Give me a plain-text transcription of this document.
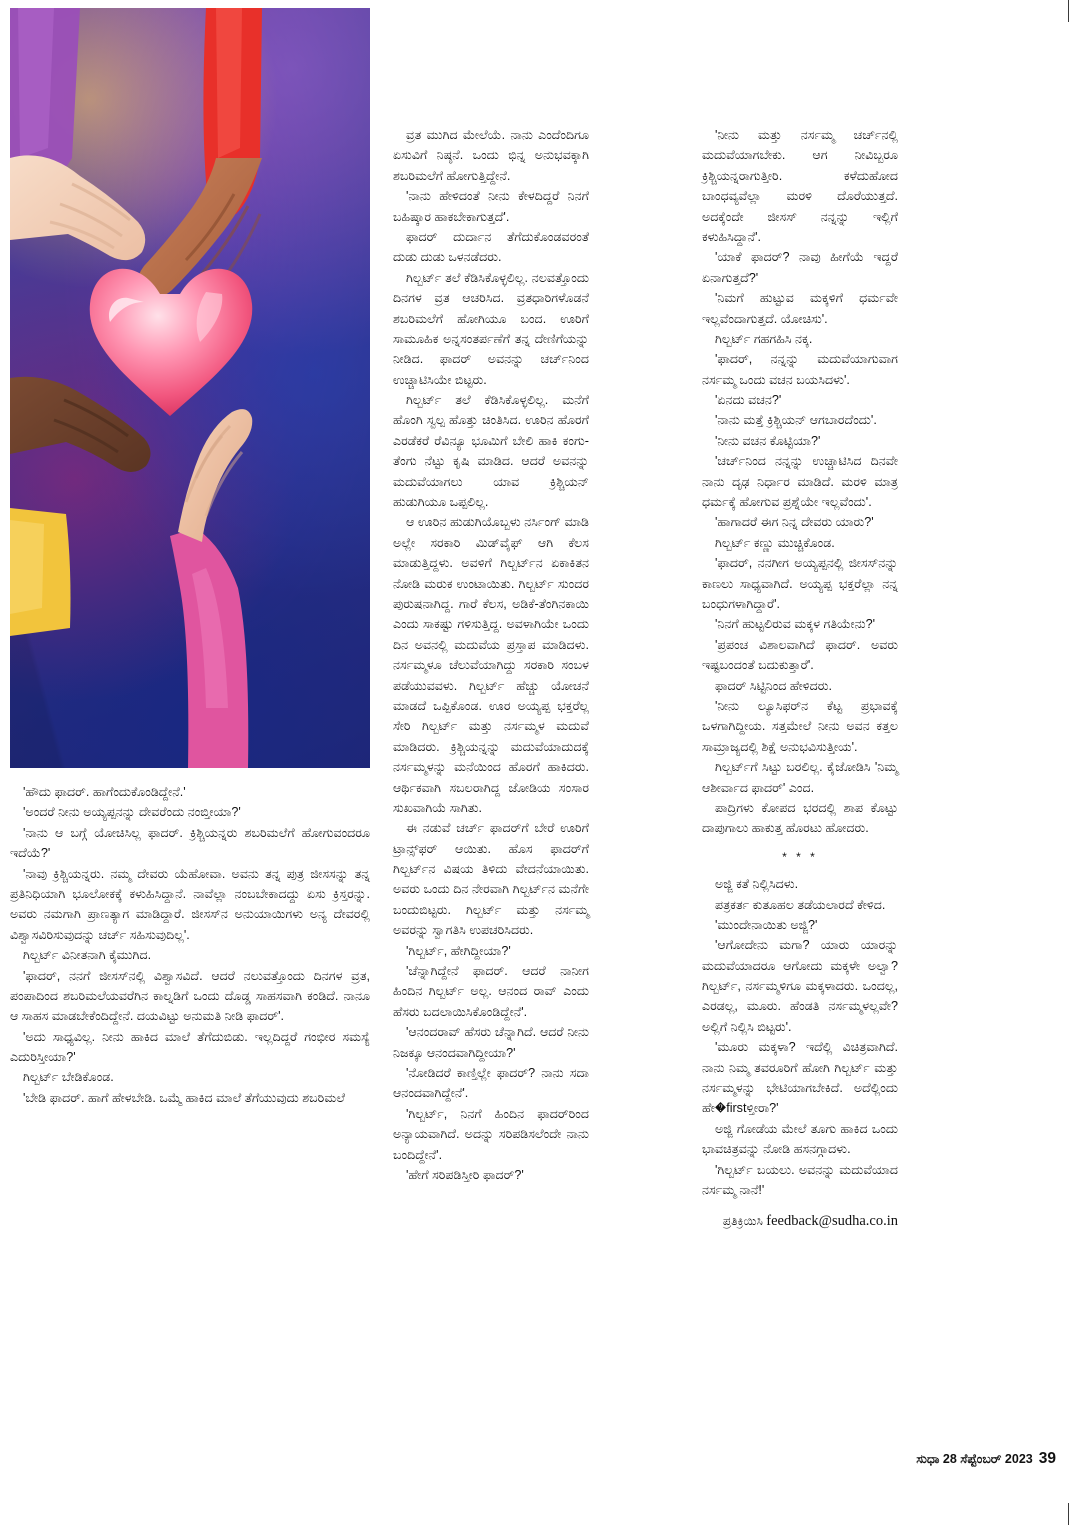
'ಹೌದು ಫಾದರ್. ಹಾಗೆಂದುಕೊಂಡಿದ್ದೇನೆ.'

'ಅಂದರೆ ನೀನು ಅಯ್ಯಪ್ಪನನ್ನು ದೇವರೆಂದು ನಂಬ್ತೀಯಾ?'

'ನಾನು ಆ ಬಗ್ಗೆ ಯೋಚಿಸಿಲ್ಲ ಫಾದರ್. ಕ್ರಿಶ್ಚಿಯನ್ನರು ಶಬರಿಮಲೆಗೆ ಹೋಗುವಂದರೂ ಇದೆಯೆ?'

'ನಾವು ಕ್ರಿಶ್ಚಿಯನ್ನರು. ನಮ್ಮ ದೇವರು ಯೆಹೋವಾ. ಅವನು ತನ್ನ ಪುತ್ರ ಜೀಸಸನ್ನು ತನ್ನ ಪ್ರತಿನಿಧಿಯಾಗಿ ಭೂಲೋಕಕ್ಕೆ ಕಳುಹಿಸಿದ್ದಾನೆ. ನಾವೆಲ್ಲಾ ನಂಬಬೇಕಾದದ್ದು ಏಸು ಕ್ರಿಸ್ತರನ್ನು. ಅವರು ನಮಗಾಗಿ ಪ್ರಾಣತ್ಯಾಗ ಮಾಡಿದ್ದಾರೆ. ಜೀಸಸ್‌ನ ಅನುಯಾಯಿಗಳು ಅನ್ಯ ದೇವರಲ್ಲಿ ವಿಶ್ವಾಸವಿರಿಸುವುದನ್ನು ಚರ್ಚ್ ಸಹಿಸುವುದಿಲ್ಲ'.

ಗಿಲ್ಬರ್ಟ್ ವಿನೀತನಾಗಿ ಕೈಮುಗಿದ.

'ಫಾದರ್, ನನಗೆ ಜೀಸಸ್‌ನಲ್ಲಿ ವಿಶ್ವಾಸವಿದೆ. ಆದರೆ ನಲುವತ್ತೊಂದು ದಿನಗಳ ವ್ರತ, ಪಂಪಾದಿಂದ ಶಬರಿಮಲೆಯವರೆಗಿನ ಕಾಲ್ನಡಿಗೆ ಒಂದು ದೊಡ್ಡ ಸಾಹಸವಾಗಿ ಕಂಡಿದೆ. ನಾನೂ ಆ ಸಾಹಸ ಮಾಡಬೇಕೆಂದಿದ್ದೇನೆ. ದಯವಿಟ್ಟು ಅನುಮತಿ ನೀಡಿ ಫಾದರ್'.

'ಅದು ಸಾಧ್ಯವಿಲ್ಲ. ನೀನು ಹಾಕಿದ ಮಾಲೆ ತೆಗೆದುಬಿಡು. ಇಲ್ಲದಿದ್ದರೆ ಗಂಭೀರ ಸಮಸ್ಯೆ ಎದುರಿಸ್ತೀಯಾ?'

ಗಿಲ್ಬರ್ಟ್ ಬೇಡಿಕೊಂಡ.

'ಬೇಡಿ ಫಾದರ್. ಹಾಗೆ ಹೇಳಬೇಡಿ. ಒಮ್ಮೆ ಹಾಕಿದ ಮಾಲೆ ತೆಗೆಯುವುದು ಶಬರಿಮಲೆ

ವ್ರತ ಮುಗಿದ ಮೇಲೆಯೆ. ನಾನು ಎಂದೆಂದಿಗೂ ಏಸುವಿಗೆ ನಿಷ್ಠನೆ. ಒಂದು ಭಿನ್ನ ಅನುಭವಕ್ಕಾಗಿ ಶಬರಿಮಲೆಗೆ ಹೋಗುತ್ತಿದ್ದೇನೆ.

'ನಾನು ಹೇಳಿದಂತೆ ನೀನು ಕೇಳದಿದ್ದರೆ ನಿನಗೆ ಬಹಿಷ್ಕಾರ ಹಾಕಬೇಕಾಗುತ್ತದೆ'.

ಫಾದರ್ ದುರ್ದಾನ ತೆಗೆದುಕೊಂಡವರಂತೆ ದುಡು ದುಡು ಒಳನಡೆದರು.

ಗಿಲ್ಬರ್ಟ್ ತಲೆ ಕೆಡಿಸಿಕೊಳ್ಳಲಿಲ್ಲ. ನಲವತ್ತೊಂದು ದಿನಗಳ ವ್ರತ ಆಚರಿಸಿದ. ವ್ರತಧಾರಿಗಳೊಡನೆ ಶಬರಿಮಲೆಗೆ ಹೋಗಿಯೂ ಬಂದ. ಊರಿಗೆ ಸಾಮೂಹಿಕ ಅನ್ನಸಂತರ್ಪಣೆಗೆ ತನ್ನ ದೇಣಿಗೆಯನ್ನು ನೀಡಿದ. ಫಾದರ್ ಅವನನ್ನು ಚರ್ಚ್‌ನಿಂದ ಉಚ್ಚಾಟಿಸಿಯೇ ಬಿಟ್ಟರು.

ಗಿಲ್ಬರ್ಟ್ ತಲೆ ಕೆಡಿಸಿಕೊಳ್ಳಲಿಲ್ಲ. ಮನೆಗೆ ಹೊಂಗಿ ಸ್ವಲ್ಪ ಹೊತ್ತು ಚಿಂತಿಸಿದ. ಊರಿನ ಹೊರಗೆ ಎರಡೆಕರೆ ರೆವಿನ್ಯೂ ಭೂಮಿಗೆ ಬೇಲಿ ಹಾಕಿ ಕಂಗು-ತೆಂಗು ನೆಟ್ಟು ಕೃಷಿ ಮಾಡಿದ. ಆದರೆ ಅವನನ್ನು ಮದುವೆಯಾಗಲು ಯಾವ ಕ್ರಿಶ್ಚಿಯನ್ ಹುಡುಗಿಯೂ ಒಪ್ಪಲಿಲ್ಲ.

ಆ ಊರಿನ ಹುಡುಗಿಯೊಬ್ಬಳು ನರ್ಸಿಂಗ್ ಮಾಡಿ ಅಲ್ಲೇ ಸರಕಾರಿ ಮಿಡ್‌ವೈಫ್ ಆಗಿ ಕೆಲಸ ಮಾಡುತ್ತಿದ್ದಳು. ಅವಳಿಗೆ ಗಿಲ್ಬರ್ಟ್‌ನ ಏಕಾಕಿತನ ನೋಡಿ ಮರುಕ ಉಂಟಾಯಿತು. ಗಿಲ್ಬರ್ಟ್ ಸುಂದರ ಪುರುಷನಾಗಿದ್ದ. ಗಾರೆ ಕೆಲಸ, ಅಡಿಕೆ-ತೆಂಗಿನಕಾಯಿ ಎಂದು ಸಾಕಷ್ಟು ಗಳಿಸುತ್ತಿದ್ದ. ಅವಳಾಗಿಯೇ ಒಂದು ದಿನ ಅವನಲ್ಲಿ ಮದುವೆಯ ಪ್ರಸ್ತಾಪ ಮಾಡಿದಳು. ನರ್ಸಮ್ಮಳೂ ಚೆಲುವೆಯಾಗಿದ್ದು ಸರಕಾರಿ ಸಂಬಳ ಪಡೆಯುವವಳು. ಗಿಲ್ಬರ್ಟ್ ಹೆಚ್ಚು ಯೋಚನೆ ಮಾಡದೆ ಒಪ್ಪಿಕೊಂಡ. ಊರ ಅಯ್ಯಪ್ಪ ಭಕ್ತರೆಲ್ಲ ಸೇರಿ ಗಿಲ್ಬರ್ಟ್ ಮತ್ತು ನರ್ಸಮ್ಮಳ ಮದುವೆ ಮಾಡಿದರು. ಕ್ರಿಶ್ಚಿಯನ್ನನ್ನು ಮದುವೆಯಾದುದಕ್ಕೆ ನರ್ಸಮ್ಮಳನ್ನು ಮನೆಯಿಂದ ಹೊರಗೆ ಹಾಕಿದರು. ಆರ್ಥಿಕವಾಗಿ ಸಬಲರಾಗಿದ್ದ ಜೋಡಿಯ ಸಂಸಾರ ಸುಖವಾಗಿಯೆ ಸಾಗಿತು.

ಈ ನಡುವೆ ಚರ್ಚ್ ಫಾದರ್‌ಗೆ ಬೇರೆ ಊರಿಗೆ ಟ್ರಾನ್ಸ್‌ಫರ್ ಆಯಿತು. ಹೊಸ ಫಾದರ್‌ಗೆ ಗಿಲ್ಬರ್ಟ್‌ನ ವಿಷಯ ತಿಳಿದು ವೇದನೆಯಾಯಿತು. ಅವರು ಒಂದು ದಿನ ನೇರವಾಗಿ ಗಿಲ್ಬರ್ಟ್‌ನ ಮನೆಗೇ ಬಂದುಬಿಟ್ಟರು. ಗಿಲ್ಬರ್ಟ್ ಮತ್ತು ನರ್ಸಮ್ಮ ಅವರನ್ನು ಸ್ವಾಗತಿಸಿ ಉಪಚರಿಸಿದರು.

'ಗಿಲ್ಬರ್ಟ್, ಹೇಗಿದ್ದೀಯಾ?'

'ಚೆನ್ನಾಗಿದ್ದೇನೆ ಫಾದರ್. ಆದರೆ ನಾನೀಗ ಹಿಂದಿನ ಗಿಲ್ಬರ್ಟ್ ಅಲ್ಲ. ಆನಂದ ರಾವ್ ಎಂದು ಹೆಸರು ಬದಲಾಯಿಸಿಕೊಂಡಿದ್ದೇನೆ'.

'ಆನಂದರಾವ್ ಹೆಸರು ಚೆನ್ನಾಗಿದೆ. ಆದರೆ ನೀನು ನಿಜಕ್ಕೂ ಆನಂದವಾಗಿದ್ದೀಯಾ?'

'ನೋಡಿದರೆ ಕಾಣ್ತಿಲ್ಲೇ ಫಾದರ್? ನಾನು ಸದಾ ಆನಂದವಾಗಿದ್ದೇನೆ'.

'ಗಿಲ್ಬರ್ಟ್, ನಿನಗೆ ಹಿಂದಿನ ಫಾದರ್‌ರಿಂದ ಅನ್ಯಾಯವಾಗಿದೆ. ಅದನ್ನು ಸರಿಪಡಿಸಲೆಂದೇ ನಾನು ಬಂದಿದ್ದೇನೆ'.

'ಹೇಗೆ ಸರಿಪಡಿಸ್ತೀರಿ ಫಾದರ್?'

'ನೀನು ಮತ್ತು ನರ್ಸಮ್ಮ ಚರ್ಚ್‌ನಲ್ಲಿ ಮದುವೆಯಾಗಬೇಕು. ಆಗ ನೀವಿಬ್ಬರೂ ಕ್ರಿಶ್ಚಿಯನ್ನರಾಗುತ್ತೀರಿ. ಕಳೆದುಹೋದ ಬಾಂಧವ್ಯವೆಲ್ಲಾ ಮರಳಿ ದೊರೆಯುತ್ತದೆ. ಅದಕ್ಕೆಂದೇ ಜೀಸಸ್ ನನ್ನನ್ನು ಇಲ್ಲಿಗೆ ಕಳುಹಿಸಿದ್ದಾನೆ'.

'ಯಾಕೆ ಫಾದರ್? ನಾವು ಹೀಗೆಯೆ ಇದ್ದರೆ ಏನಾಗುತ್ತದೆ?'

'ನಿಮಗೆ ಹುಟ್ಟುವ ಮಕ್ಕಳಿಗೆ ಧರ್ಮವೇ ಇಲ್ಲವೆಂದಾಗುತ್ತದೆ. ಯೋಚಿಸು'.

ಗಿಲ್ಬರ್ಟ್ ಗಹಗಹಿಸಿ ನಕ್ಕ.

'ಫಾದರ್, ನನ್ನನ್ನು ಮದುವೆಯಾಗುವಾಗ ನರ್ಸಮ್ಮ ಒಂದು ವಚನ ಬಯಸಿದಳು'.

'ಏನದು ವಚನ?'

'ನಾನು ಮತ್ತೆ ಕ್ರಿಶ್ಚಿಯನ್ ಆಗಬಾರದೆಂದು'.

'ನೀನು ವಚನ ಕೊಟ್ಟಿಯಾ?'

'ಚರ್ಚ್‌ನಿಂದ ನನ್ನನ್ನು ಉಚ್ಚಾಟಿಸಿದ ದಿನವೇ ನಾನು ದೃಢ ನಿರ್ಧಾರ ಮಾಡಿದೆ. ಮರಳಿ ಮಾತ್ರ ಧರ್ಮಕ್ಕೆ ಹೋಗುವ ಪ್ರಶ್ನೆಯೇ ಇಲ್ಲವೆಂದು'.

'ಹಾಗಾದರೆ ಈಗ ನಿನ್ನ ದೇವರು ಯಾರು?'

ಗಿಲ್ಬರ್ಟ್ ಕಣ್ಣು ಮುಚ್ಚಿಕೊಂಡ.

'ಫಾದರ್, ನನಗೀಗ ಅಯ್ಯಪ್ಪನಲ್ಲಿ ಜೀಸಸ್‌ನನ್ನು ಕಾಣಲು ಸಾಧ್ಯವಾಗಿದೆ. ಅಯ್ಯಪ್ಪ ಭಕ್ತರೆಲ್ಲಾ ನನ್ನ ಬಂಧುಗಳಾಗಿದ್ದಾರೆ'.

'ನಿನಗೆ ಹುಟ್ಟಲಿರುವ ಮಕ್ಕಳ ಗತಿಯೇನು?'

'ಪ್ರಪಂಚ ವಿಶಾಲವಾಗಿದೆ ಫಾದರ್. ಅವರು ಇಷ್ಟಬಂದಂತೆ ಬದುಕುತ್ತಾರೆ'.

ಫಾದರ್ ಸಿಟ್ಟಿನಿಂದ ಹೇಳಿದರು.

'ನೀನು ಲ್ಯೂಸಿಫರ್‌ನ ಕೆಟ್ಟ ಪ್ರಭಾವಕ್ಕೆ ಒಳಗಾಗಿದ್ದೀಯ. ಸತ್ತಮೇಲೆ ನೀನು ಅವನ ಕತ್ತಲ ಸಾಮ್ರಾಜ್ಯದಲ್ಲಿ ಶಿಕ್ಷೆ ಅನುಭವಿಸುತ್ತೀಯ'.

ಗಿಲ್ಬರ್ಟ್‌ಗೆ ಸಿಟ್ಟು ಬರಲಿಲ್ಲ. ಕೈಜೋಡಿಸಿ 'ನಿಮ್ಮ ಆಶೀರ್ವಾದ ಫಾದರ್' ಎಂದ.

ಪಾದ್ರಿಗಳು ಕೋಪದ ಭರದಲ್ಲಿ ಶಾಪ ಕೊಟ್ಟು ದಾಪುಗಾಲು ಹಾಕುತ್ತ ಹೊರಟು ಹೋದರು.

* * *

ಅಜ್ಜಿ ಕತೆ ನಿಲ್ಲಿಸಿದಳು.

ಪತ್ರಕರ್ತ ಕುತೂಹಲ ತಡೆಯಲಾರದೆ ಕೇಳಿದ.

'ಮುಂದೇನಾಯಿತು ಅಜ್ಜಿ?'

'ಆಗೋದೇನು ಮಗಾ? ಯಾರು ಯಾರನ್ನು ಮದುವೆಯಾದರೂ ಆಗೋದು ಮಕ್ಕಳೇ ಅಲ್ವಾ? ಗಿಲ್ಬರ್ಟ್, ನರ್ಸಮ್ಮಳಿಗೂ ಮಕ್ಕಳಾದರು. ಒಂದಲ್ಲ, ಎರಡಲ್ಲ, ಮೂರು. ಹೆಂಡತಿ ನರ್ಸಮ್ಮಳಲ್ಲವೇ? ಅಲ್ಲಿಗೆ ನಿಲ್ಲಿಸಿ ಬಿಟ್ಟರು'.

'ಮೂರು ಮಕ್ಕಳಾ? ಇದೆಲ್ಲಿ ವಿಚಿತ್ರವಾಗಿದೆ. ನಾನು ನಿಮ್ಮ ತವರೂರಿಗೆ ಹೋಗಿ ಗಿಲ್ಬರ್ಟ್ ಮತ್ತು ನರ್ಸಮ್ಮಳನ್ನು ಭೇಟಿಯಾಗಬೇಕಿದೆ. ಅದೆಲ್ಲಿಂದು ಹೇ�firstಳ್ತೀರಾ?'

ಅಜ್ಜಿ ಗೋಡೆಯ ಮೇಲೆ ತೂಗು ಹಾಕಿದ ಒಂದು ಭಾವಚಿತ್ರವನ್ನು ನೋಡಿ ಹಸನಗ್ಗಾದಳು.

'ಗಿಲ್ಬರ್ಟ್ ಬಯಲು. ಅವನನ್ನು ಮದುವೆಯಾದ ನರ್ಸಮ್ಮ ನಾನೆ!'

ಪ್ರತಿಕ್ರಿಯಿಸಿ feedback@sudha.co.in

ಸುಧಾ 28 ಸೆಪ್ಟೆಂಬರ್ 2023 39
